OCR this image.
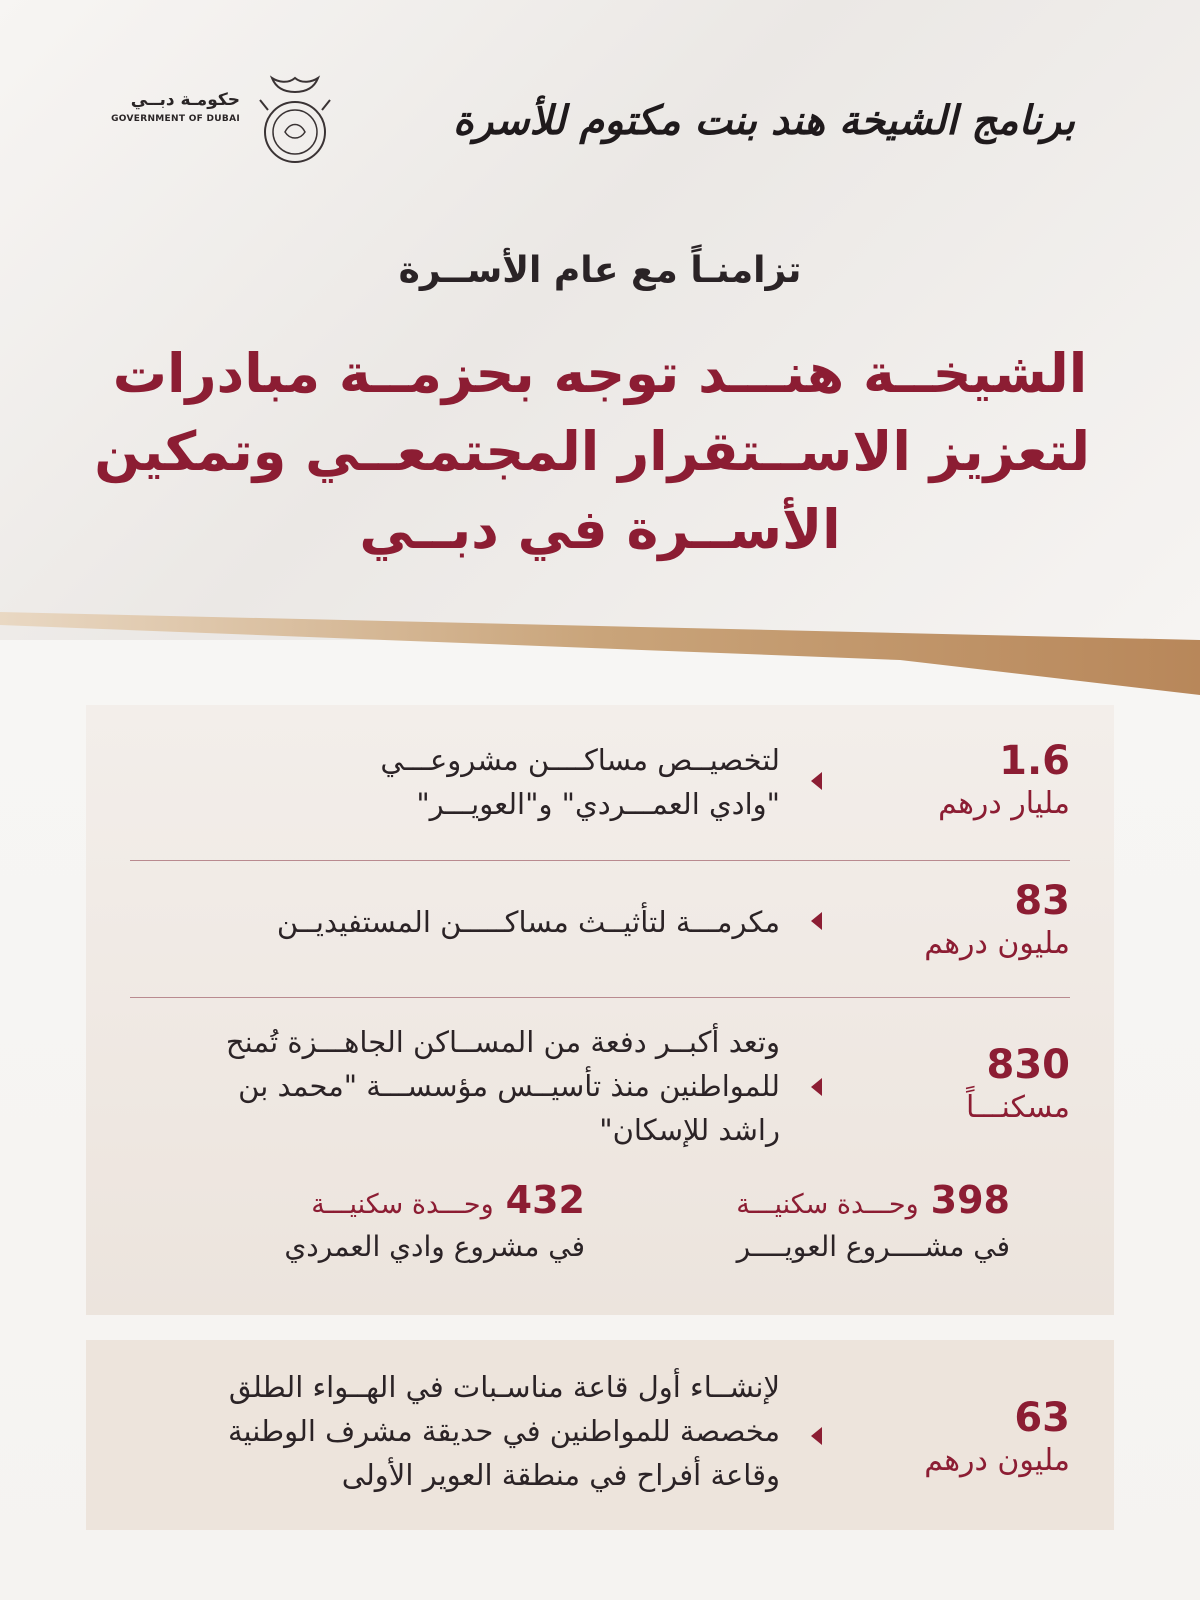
برنامج الشيخة هند بنت مكتوم للأسرة
حكومـة دبــي
GOVERNMENT OF DUBAI
تزامنـاً مع عام الأســرة
الشيخــة هنـــد توجه بحزمــة مبادرات
لتعزيز الاســتقرار المجتمعــي وتمكين
الأســرة في دبــي
1.6
مليار درهم
لتخصيــص مساكــــن مشروعـــي
"وادي العمـــردي" و"العويـــر"
83
مليون درهم
مكرمـــة لتأثيــث مساكـــــن المستفيديــن
830
مسكنـــاً
وتعد أكبــر دفعة من المســاكن الجاهـــزة تُمنح
للمواطنين منذ تأسيــس مؤسســـة "محمد بن
راشد للإسكان"
398وحـــدة سكنيـــة
في مشــــروع العويــــر
432وحـــدة سكنيـــة
في مشروع وادي العمردي
63
مليون درهم
لإنشــاء أول قاعة مناسـبات في الهــواء الطلق
مخصصة للمواطنين في حديقة مشرف الوطنية
وقاعة أفراح في منطقة العوير الأولى
